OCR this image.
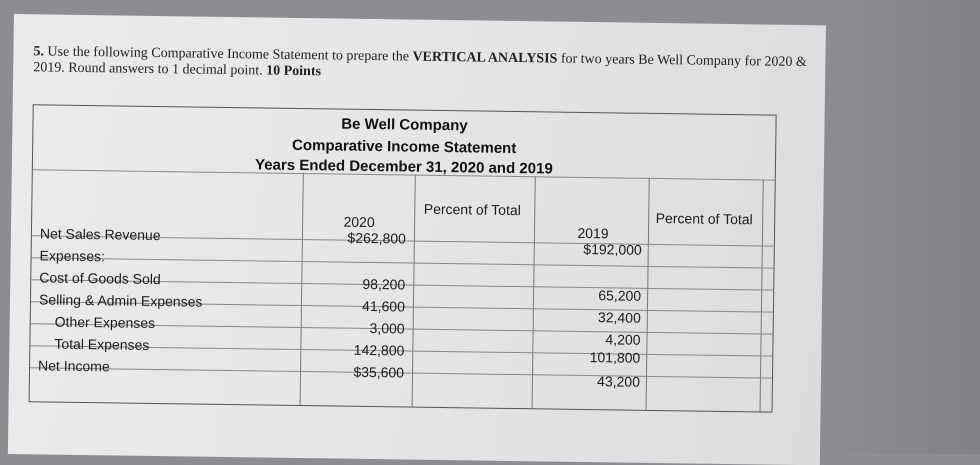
5. Use the following Comparative Income Statement to prepare the VERTICAL ANALYSIS for two years Be Well Company for 2020 & 2019. Round answers to 1 decimal point. 10 Points
Be Well Company
Comparative Income Statement
Years Ended December 31, 2020 and 2019
2020
Percent of Total
2019
Percent of Total
Net Sales Revenue
Expenses:
Cost of Goods Sold
Selling & Admin Expenses
Other Expenses
Total Expenses
Net Income
$262,800
98,200
41,600
3,000
142,800
$35,600
$192,000
65,200
32,400
4,200
101,800
43,200
